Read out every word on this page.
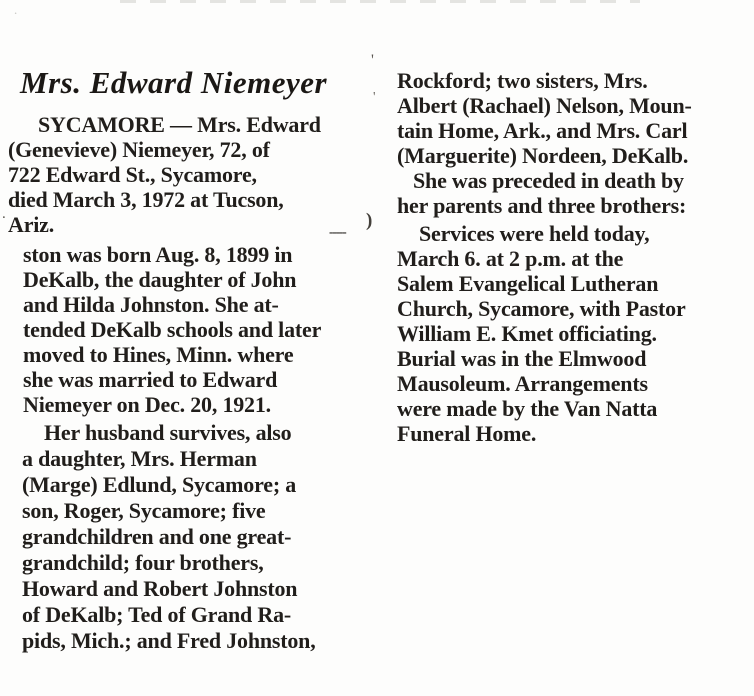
.
Mrs. Edward Niemeyer
'
'
)
.
-----
SYCAMORE — Mrs. Edward
(Genevieve) Niemeyer, 72, of
722 Edward St., Sycamore,
died March 3, 1972 at Tucson,
Ariz.
ston was born Aug. 8, 1899 in
DeKalb, the daughter of John
and Hilda Johnston. She at-
tended DeKalb schools and later
moved to Hines, Minn. where
she was married to Edward
Niemeyer on Dec. 20, 1921.
Her husband survives, also
a daughter, Mrs. Herman
(Marge) Edlund, Sycamore; a
son, Roger, Sycamore; five
grandchildren and one great-
grandchild; four brothers,
Howard and Robert Johnston
of DeKalb; Ted of Grand Ra-
pids, Mich.; and Fred Johnston,
Rockford; two sisters, Mrs.
Albert (Rachael) Nelson, Moun-
tain Home, Ark., and Mrs. Carl
(Marguerite) Nordeen, DeKalb.
She was preceded in death by
her parents and three brothers:
Services were held today,
March 6. at 2 p.m. at the
Salem Evangelical Lutheran
Church, Sycamore, with Pastor
William E. Kmet officiating.
Burial was in the Elmwood
Mausoleum. Arrangements
were made by the Van Natta
Funeral Home.
